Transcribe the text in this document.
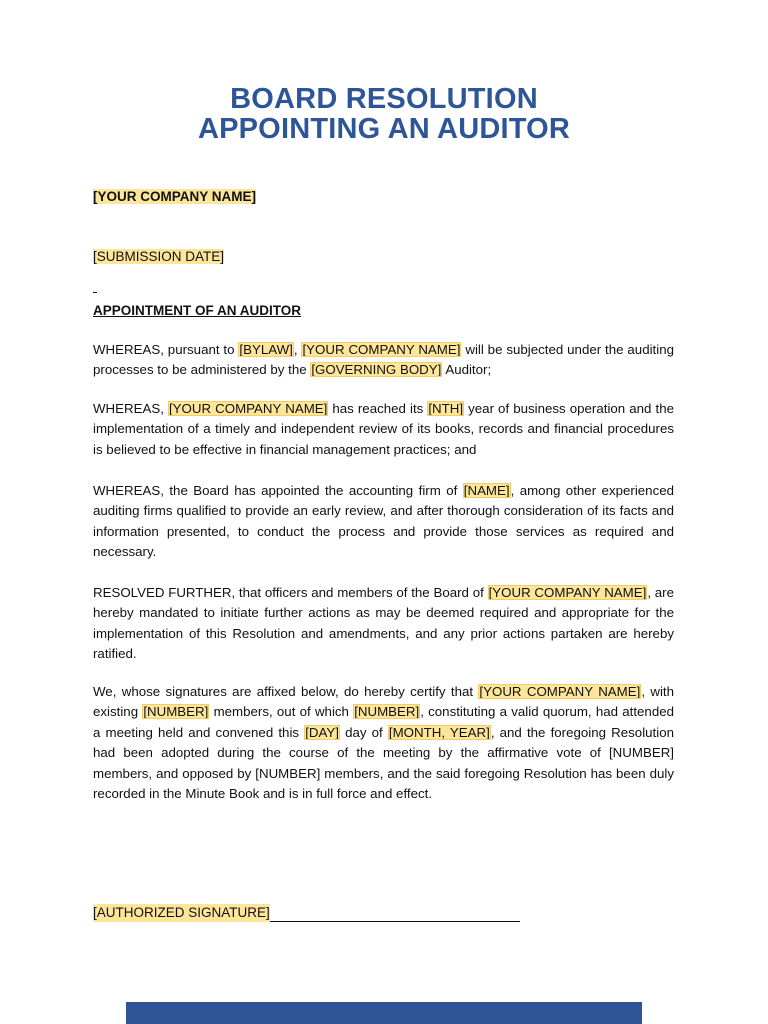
BOARD RESOLUTION
APPOINTING AN AUDITOR
[YOUR COMPANY NAME]
[SUBMISSION DATE]
APPOINTMENT OF AN AUDITOR

WHEREAS, pursuant to [BYLAW], [YOUR COMPANY NAME] will be subjected under the auditing processes to be administered by the [GOVERNING BODY] Auditor;

WHEREAS, [YOUR COMPANY NAME] has reached its [NTH] year of business operation and the implementation of a timely and independent review of its books, records and financial procedures is believed to be effective in financial management practices; and

WHEREAS, the Board has appointed the accounting firm of [NAME], among other experienced auditing firms qualified to provide an early review, and after thorough consideration of its facts and information presented, to conduct the process and provide those services as required and necessary.

RESOLVED FURTHER, that officers and members of the Board of [YOUR COMPANY NAME], are hereby mandated to initiate further actions as may be deemed required and appropriate for the implementation of this Resolution and amendments, and any prior actions partaken are hereby ratified.

We, whose signatures are affixed below, do hereby certify that [YOUR COMPANY NAME], with existing [NUMBER] members, out of which [NUMBER], constituting a valid quorum, had attended a meeting held and convened this [DAY] day of [MONTH, YEAR], and the foregoing Resolution had been adopted during the course of the meeting by the affirmative vote of [NUMBER] members, and opposed by [NUMBER] members, and the said foregoing Resolution has been duly recorded in the Minute Book and is in full force and effect.

[AUTHORIZED SIGNATURE]
